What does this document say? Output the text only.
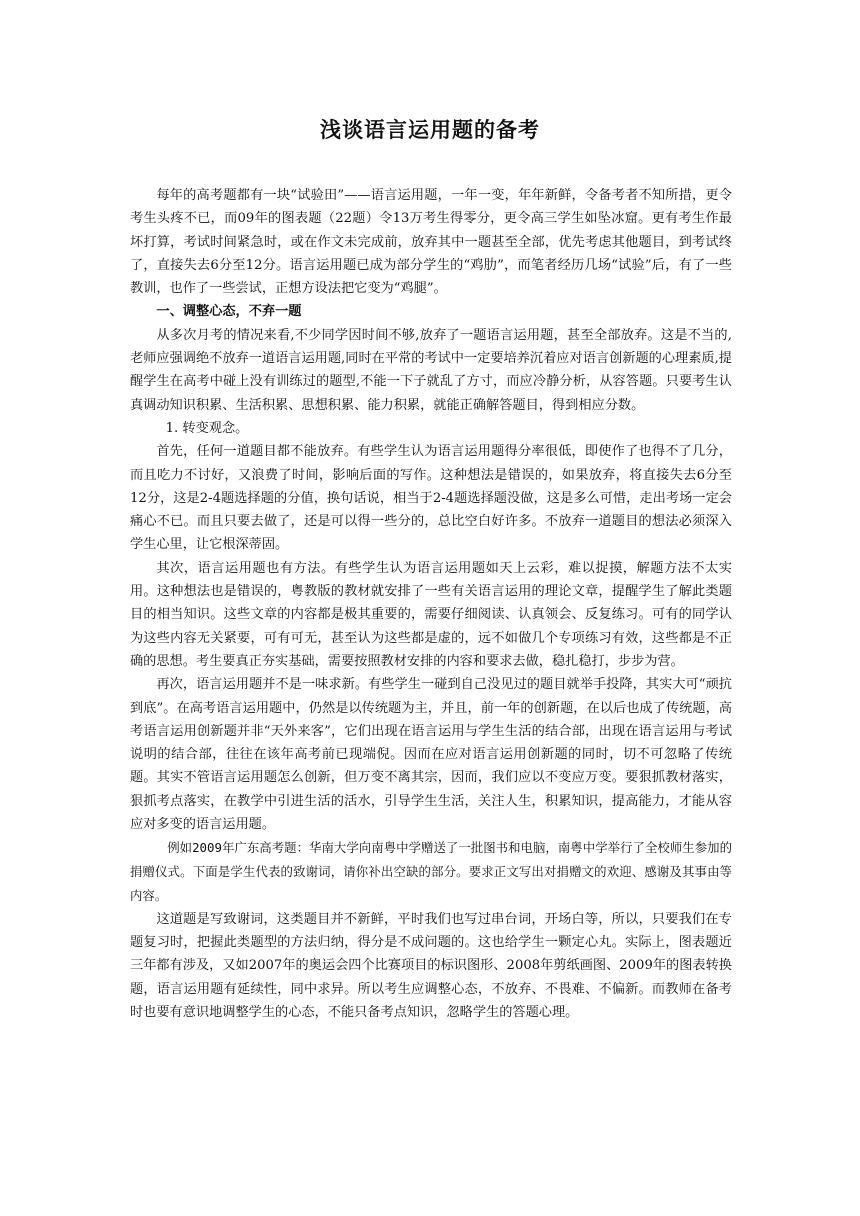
浅谈语言运用题的备考

每年的高考题都有一块“试验田”——语言运用题，一年一变，年年新鲜，令备考者不知所措，更令考生头疼不已，而09年的图表题（22题）令13万考生得零分，更令高三学生如坠冰窟。更有考生作最坏打算，考试时间紧急时，或在作文未完成前，放弃其中一题甚至全部，优先考虑其他题目，到考试终了，直接失去6分至12分。语言运用题已成为部分学生的“鸡肋”，而笔者经历几场“试验”后，有了一些教训，也作了一些尝试，正想方设法把它变为“鸡腿”。

一、调整心态，不弃一题

从多次月考的情况来看,不少同学因时间不够,放弃了一题语言运用题，甚至全部放弃。这是不当的,老师应强调绝不放弃一道语言运用题,同时在平常的考试中一定要培养沉着应对语言创新题的心理素质,提醒学生在高考中碰上没有训练过的题型,不能一下子就乱了方寸，而应冷静分析，从容答题。只要考生认真调动知识积累、生活积累、思想积累、能力积累，就能正确解答题目，得到相应分数。

1. 转变观念。

首先，任何一道题目都不能放弃。有些学生认为语言运用题得分率很低，即使作了也得不了几分，而且吃力不讨好，又浪费了时间，影响后面的写作。这种想法是错误的，如果放弃，将直接失去6分至12分，这是2-4题选择题的分值，换句话说，相当于2-4题选择题没做，这是多么可惜，走出考场一定会痛心不已。而且只要去做了，还是可以得一些分的，总比空白好许多。不放弃一道题目的想法必须深入学生心里，让它根深蒂固。

其次，语言运用题也有方法。有些学生认为语言运用题如天上云彩，难以捉摸，解题方法不太实用。这种想法也是错误的，粤教版的教材就安排了一些有关语言运用的理论文章，提醒学生了解此类题目的相当知识。这些文章的内容都是极其重要的，需要仔细阅读、认真领会、反复练习。可有的同学认为这些内容无关紧要，可有可无，甚至认为这些都是虚的，远不如做几个专项练习有效，这些都是不正确的思想。考生要真正夯实基础，需要按照教材安排的内容和要求去做，稳扎稳打，步步为营。

再次，语言运用题并不是一味求新。有些学生一碰到自己没见过的题目就举手投降，其实大可“顽抗到底”。在高考语言运用题中，仍然是以传统题为主，并且，前一年的创新题，在以后也成了传统题，高考语言运用创新题并非“天外来客”，它们出现在语言运用与学生生活的结合部，出现在语言运用与考试说明的结合部，往往在该年高考前已现端倪。因而在应对语言运用创新题的同时，切不可忽略了传统题。其实不管语言运用题怎么创新，但万变不离其宗，因而，我们应以不变应万变。要狠抓教材落实，狠抓考点落实，在教学中引进生活的活水，引导学生生活，关注人生，积累知识，提高能力，才能从容应对多变的语言运用题。

例如2009年广东高考题：华南大学向南粤中学赠送了一批图书和电脑，南粤中学举行了全校师生参加的捐赠仪式。下面是学生代表的致谢词，请你补出空缺的部分。要求正文写出对捐赠文的欢迎、感谢及其事由等内容。

这道题是写致谢词，这类题目并不新鲜，平时我们也写过串台词，开场白等，所以，只要我们在专题复习时，把握此类题型的方法归纳，得分是不成问题的。这也给学生一颗定心丸。实际上，图表题近三年都有涉及，又如2007年的奥运会四个比赛项目的标识图形、2008年剪纸画图、2009年的图表转换题，语言运用题有延续性，同中求异。所以考生应调整心态，不放弃、不畏难、不偏新。而教师在备考时也要有意识地调整学生的心态，不能只备考点知识，忽略学生的答题心理。
